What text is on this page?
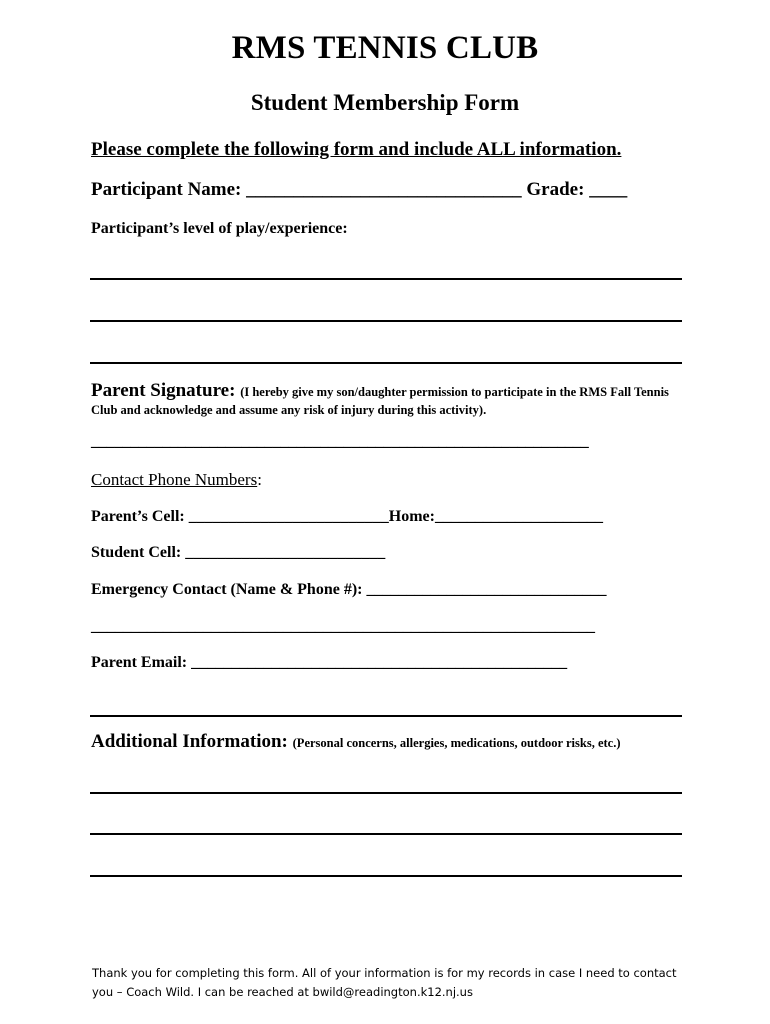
RMS TENNIS CLUB
Student Membership Form
Please complete the following form and include ALL information.
Participant Name: _____________________________ Grade: ____
Participant’s level of play/experience:
Parent Signature: (I hereby give my son/daughter permission to participate in the RMS Fall Tennis
Club and acknowledge and assume any risk of injury during this activity).
_______________________________________________________________
Contact Phone Numbers:
Parent’s Cell: _________________________Home:_____________________
Student Cell: _________________________
Emergency Contact (Name & Phone #): ______________________________
_______________________________________________________________
Parent Email: _______________________________________________
Additional Information: (Personal concerns, allergies, medications, outdoor risks, etc.)
Thank you for completing this form. All of your information is for my records in case I need to contact
you – Coach Wild. I can be reached at bwild@readington.k12.nj.us
